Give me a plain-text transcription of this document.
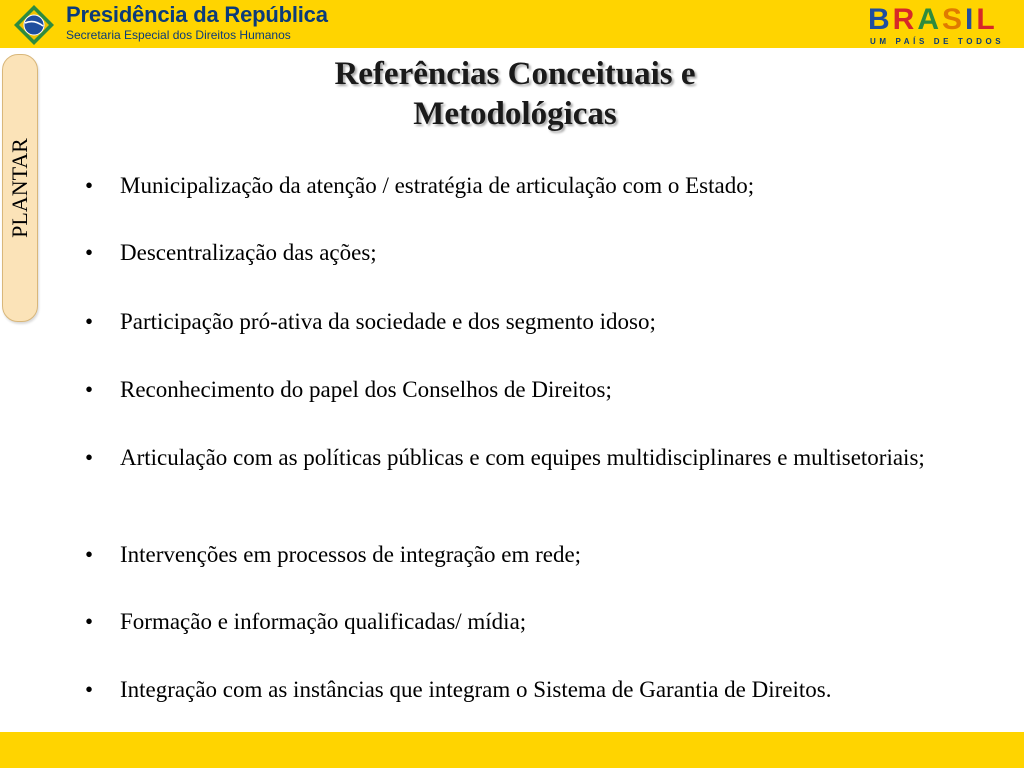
Presidência da República
Secretaria Especial dos Direitos Humanos	BRASIL
UM PAÍS DE TODOS
PLANTAR
Referências Conceituais e
Metodológicas
•	Municipalização da atenção / estratégia de articulação com o Estado;
•	Descentralização das ações;
•	Participação pró-ativa da sociedade e dos segmento idoso;
•	Reconhecimento do papel dos Conselhos de Direitos;
•	Articulação com as políticas públicas e com equipes multidisciplinares e multisetoriais;
•	Intervenções em processos de integração em rede;
•	Formação e informação qualificadas/ mídia;
•	Integração com as instâncias que integram o Sistema de Garantia de Direitos.
